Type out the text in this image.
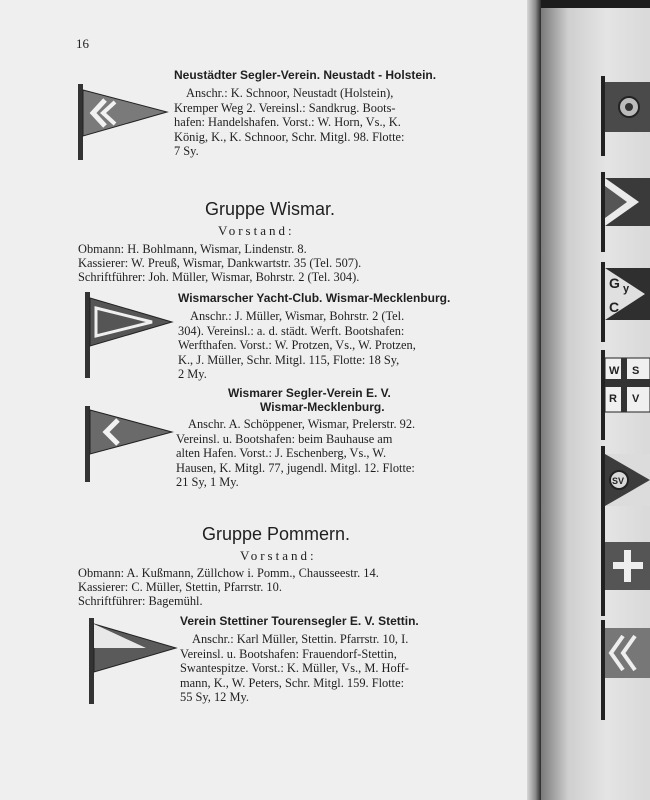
16
Neustädter Segler-Verein. Neustadt - Holstein.
Anschr.: K. Schnoor, Neustadt (Holstein),
Kremper Weg 2. Vereinsl.: Sandkrug. Boots-
hafen: Handelshafen. Vorst.: W. Horn, Vs., K.
König, K., K. Schnoor, Schr. Mitgl. 98. Flotte:
7 Sy.
Gruppe Wismar.
Vorstand:
Obmann: H. Bohlmann, Wismar, Lindenstr. 8.
Kassierer: W. Preuß, Wismar, Dankwartstr. 35 (Tel. 507).
Schriftführer: Joh. Müller, Wismar, Bohrstr. 2 (Tel. 304).
Wismarscher Yacht-Club. Wismar-Mecklenburg.
Anschr.: J. Müller, Wismar, Bohrstr. 2 (Tel.
304). Vereinsl.: a. d. städt. Werft. Bootshafen:
Werfthafen. Vorst.: W. Protzen, Vs., W. Protzen,
K., J. Müller, Schr. Mitgl. 115, Flotte: 18 Sy,
2 My.
Wismarer Segler-Verein E. V.
Wismar-Mecklenburg.
Anschr. A. Schöppener, Wismar, Prelerstr. 92.
Vereinsl. u. Bootshafen: beim Bauhause am
alten Hafen. Vorst.: J. Eschenberg, Vs., W.
Hausen, K. Mitgl. 77, jugendl. Mitgl. 12. Flotte:
21 Sy, 1 My.
Gruppe Pommern.
Vorstand:
Obmann: A. Kußmann, Züllchow i. Pomm., Chausseestr. 14.
Kassierer: C. Müller, Stettin, Pfarrstr. 10.
Schriftführer: Bagemühl.
Verein Stettiner Tourensegler E. V. Stettin.
Anschr.: Karl Müller, Stettin. Pfarrstr. 10, I.
Vereinsl. u. Bootshafen: Frauendorf-Stettin,
Swantespitze. Vorst.: K. Müller, Vs., M. Hoff-
mann, K., W. Peters, Schr. Mitgl. 159. Flotte:
55 Sy, 12 My.
G y
C
W S
R V
SV
